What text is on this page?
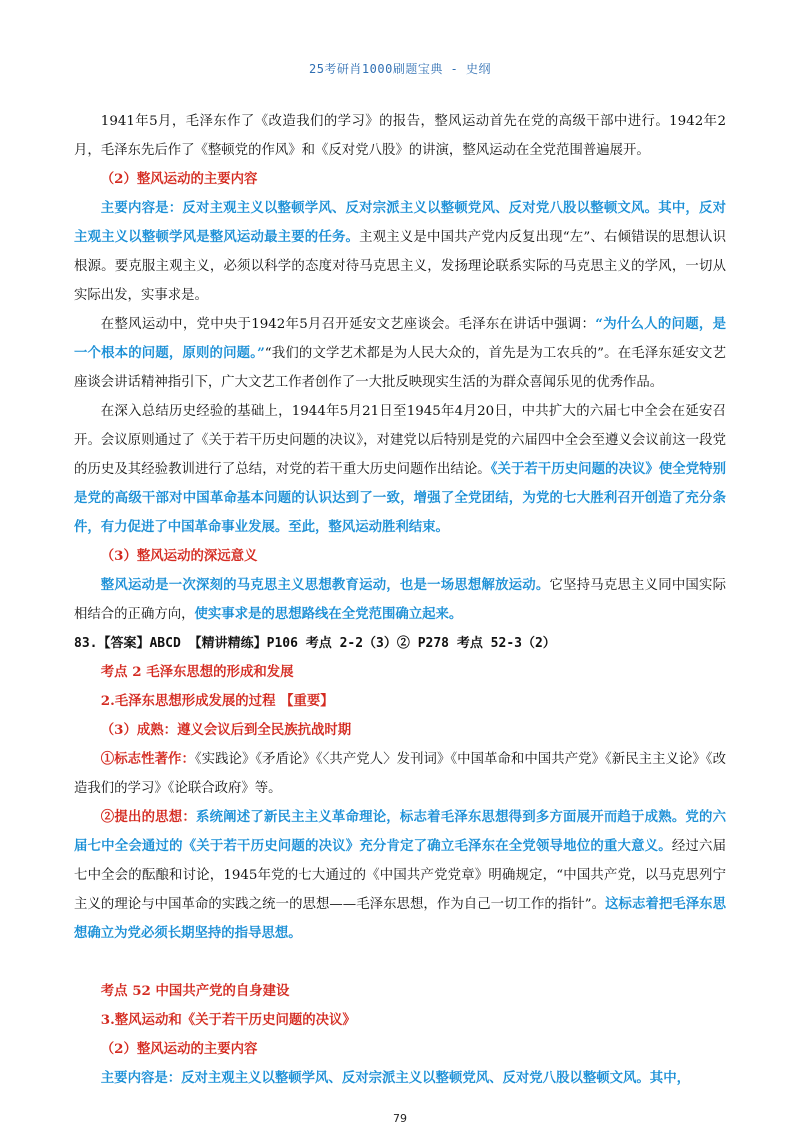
25考研肖1000刷题宝典 - 史纲

1941年5月，毛泽东作了《改造我们的学习》的报告，整风运动首先在党的高级干部中进行。1942年2月，毛泽东先后作了《整顿党的作风》和《反对党八股》的讲演，整风运动在全党范围普遍展开。

（2）整风运动的主要内容

主要内容是：反对主观主义以整顿学风、反对宗派主义以整顿党风、反对党八股以整顿文风。其中，反对主观主义以整顿学风是整风运动最主要的任务。主观主义是中国共产党内反复出现“左”、右倾错误的思想认识根源。要克服主观主义，必须以科学的态度对待马克思主义，发扬理论联系实际的马克思主义的学风，一切从实际出发，实事求是。

在整风运动中，党中央于1942年5月召开延安文艺座谈会。毛泽东在讲话中强调：“为什么人的问题，是一个根本的问题，原则的问题。”“我们的文学艺术都是为人民大众的，首先是为工农兵的”。在毛泽东延安文艺座谈会讲话精神指引下，广大文艺工作者创作了一大批反映现实生活的为群众喜闻乐见的优秀作品。

在深入总结历史经验的基础上，1944年5月21日至1945年4月20日，中共扩大的六届七中全会在延安召开。会议原则通过了《关于若干历史问题的决议》，对建党以后特别是党的六届四中全会至遵义会议前这一段党的历史及其经验教训进行了总结，对党的若干重大历史问题作出结论。《关于若干历史问题的决议》使全党特别是党的高级干部对中国革命基本问题的认识达到了一致，增强了全党团结，为党的七大胜利召开创造了充分条件，有力促进了中国革命事业发展。至此，整风运动胜利结束。

（3）整风运动的深远意义

整风运动是一次深刻的马克思主义思想教育运动，也是一场思想解放运动。它坚持马克思主义同中国实际相结合的正确方向，使实事求是的思想路线在全党范围确立起来。

83.【答案】ABCD 【精讲精练】P106 考点 2-2（3）② P278 考点 52-3（2）

考点 2 毛泽东思想的形成和发展

2.毛泽东思想形成发展的过程 【重要】

（3）成熟：遵义会议后到全民族抗战时期

①标志性著作：《实践论》《矛盾论》《〈共产党人〉发刊词》《中国革命和中国共产党》《新民主主义论》《改造我们的学习》《论联合政府》等。

②提出的思想：系统阐述了新民主主义革命理论，标志着毛泽东思想得到多方面展开而趋于成熟。党的六届七中全会通过的《关于若干历史问题的决议》充分肯定了确立毛泽东在全党领导地位的重大意义。经过六届七中全会的酝酿和讨论，1945年党的七大通过的《中国共产党党章》明确规定，“中国共产党，以马克思列宁主义的理论与中国革命的实践之统一的思想——毛泽东思想，作为自己一切工作的指针”。这标志着把毛泽东思想确立为党必须长期坚持的指导思想。

考点 52 中国共产党的自身建设

3.整风运动和《关于若干历史问题的决议》

（2）整风运动的主要内容

主要内容是：反对主观主义以整顿学风、反对宗派主义以整顿党风、反对党八股以整顿文风。其中，

79
